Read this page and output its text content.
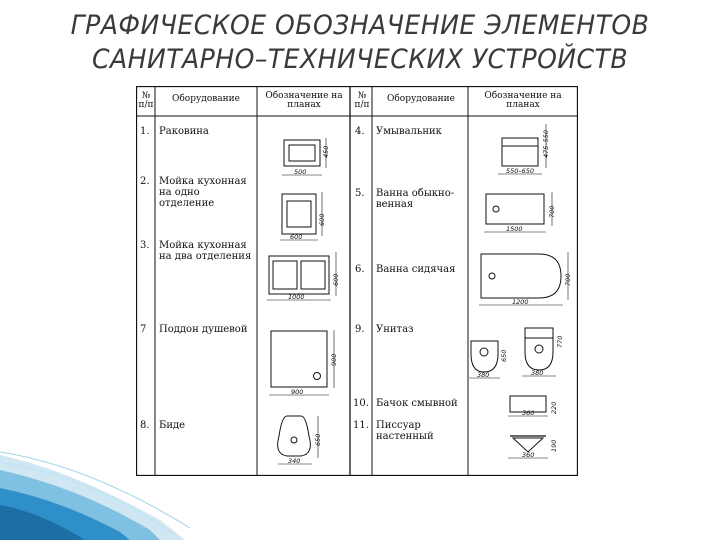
ГРАФИЧЕСКОЕ ОБОЗНАЧЕНИЕ ЭЛЕМЕНТОВ
САНИТАРНО–ТЕХНИЧЕСКИХ УСТРОЙСТВ
№ п/п
Оборудование	Обозначение на планах
№ п/п
Оборудование	Обозначение на планах
1. Раковина
2. Мойка кухонная на одно отделение
3. Мойка кухонная на два отделения
7 Поддон душевой
8. Биде
4. Умывальник
5. Ванна обыкно- венная
6. Ванна сидячая
9. Унитаз
10. Бачок смывной
11. Писсуар настенный
500
450
600
600
1000
600
900
900
340
650
550–650
475–550
1500
700
1200
700
380
650
380
770
360 220
360
190
